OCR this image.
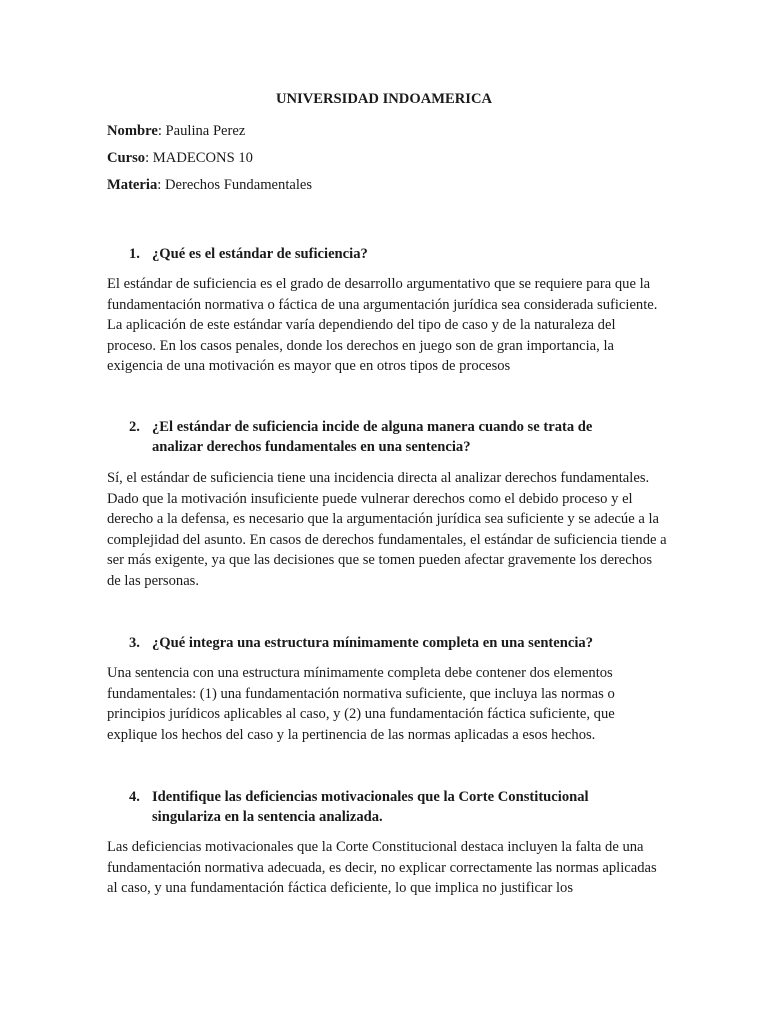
UNIVERSIDAD INDOAMERICA
Nombre: Paulina Perez
Curso: MADECONS 10
Materia: Derechos Fundamentales
1. ¿Qué es el estándar de suficiencia?
El estándar de suficiencia es el grado de desarrollo argumentativo que se requiere para que la fundamentación normativa o fáctica de una argumentación jurídica sea considerada suficiente. La aplicación de este estándar varía dependiendo del tipo de caso y de la naturaleza del proceso. En los casos penales, donde los derechos en juego son de gran importancia, la exigencia de una motivación es mayor que en otros tipos de procesos
2. ¿El estándar de suficiencia incide de alguna manera cuando se trata de analizar derechos fundamentales en una sentencia?
Sí, el estándar de suficiencia tiene una incidencia directa al analizar derechos fundamentales. Dado que la motivación insuficiente puede vulnerar derechos como el debido proceso y el derecho a la defensa, es necesario que la argumentación jurídica sea suficiente y se adecúe a la complejidad del asunto. En casos de derechos fundamentales, el estándar de suficiencia tiende a ser más exigente, ya que las decisiones que se tomen pueden afectar gravemente los derechos de las personas.
3. ¿Qué integra una estructura mínimamente completa en una sentencia?
Una sentencia con una estructura mínimamente completa debe contener dos elementos fundamentales: (1) una fundamentación normativa suficiente, que incluya las normas o principios jurídicos aplicables al caso, y (2) una fundamentación fáctica suficiente, que explique los hechos del caso y la pertinencia de las normas aplicadas a esos hechos.
4. Identifique las deficiencias motivacionales que la Corte Constitucional singulariza en la sentencia analizada.
Las deficiencias motivacionales que la Corte Constitucional destaca incluyen la falta de una fundamentación normativa adecuada, es decir, no explicar correctamente las normas aplicadas al caso, y una fundamentación fáctica deficiente, lo que implica no justificar los
